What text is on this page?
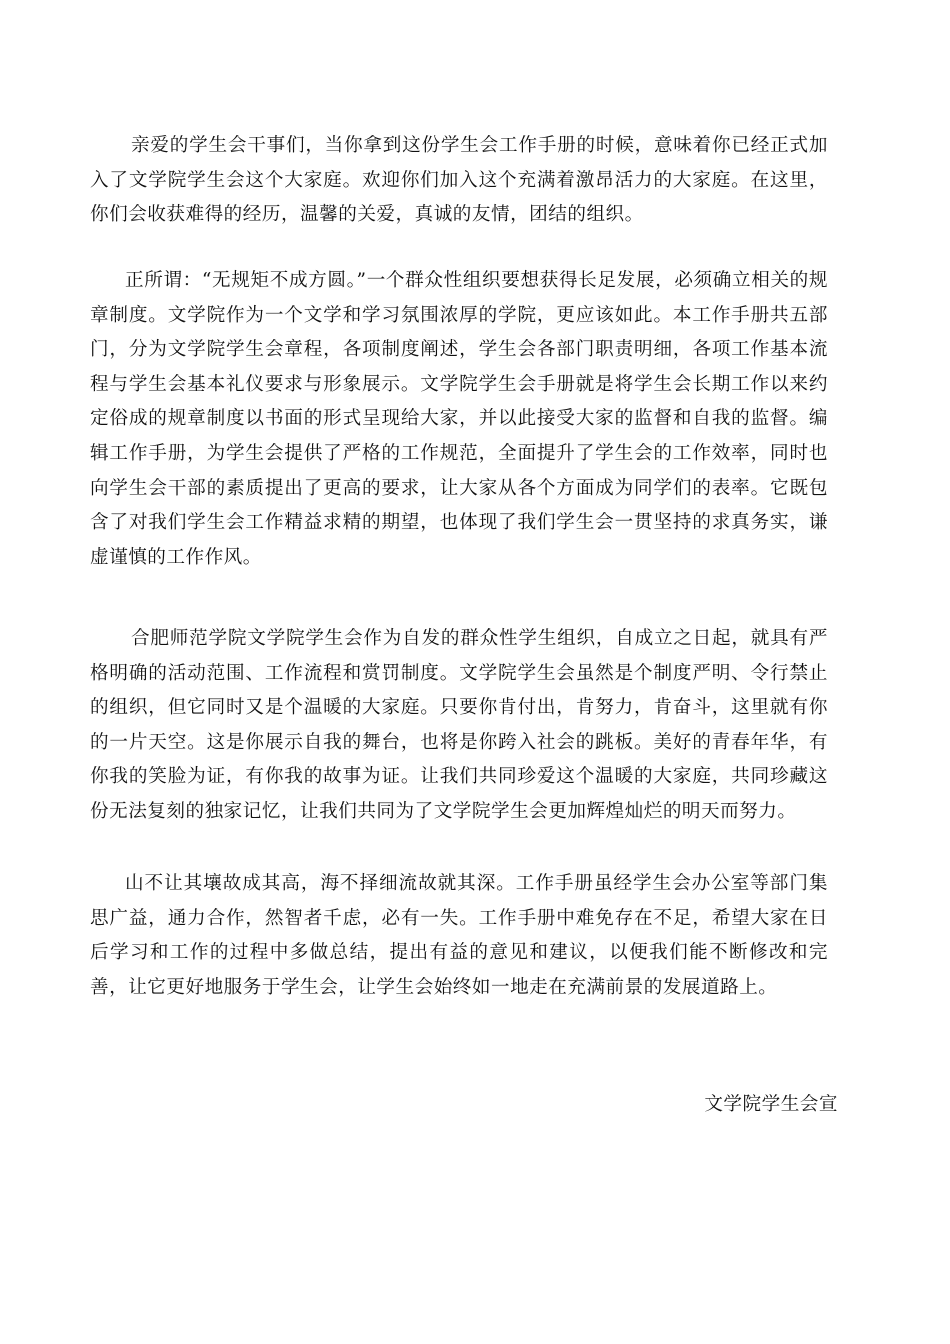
亲爱的学生会干事们，当你拿到这份学生会工作手册的时候，意味着你已经正式加入了文学院学生会这个大家庭。欢迎你们加入这个充满着激昂活力的大家庭。在这里，你们会收获难得的经历，温馨的关爱，真诚的友情，团结的组织。

正所谓：“无规矩不成方圆。”一个群众性组织要想获得长足发展，必须确立相关的规章制度。文学院作为一个文学和学习氛围浓厚的学院，更应该如此。本工作手册共五部门，分为文学院学生会章程，各项制度阐述，学生会各部门职责明细，各项工作基本流程与学生会基本礼仪要求与形象展示。文学院学生会手册就是将学生会长期工作以来约定俗成的规章制度以书面的形式呈现给大家，并以此接受大家的监督和自我的监督。编辑工作手册，为学生会提供了严格的工作规范，全面提升了学生会的工作效率，同时也向学生会干部的素质提出了更高的要求，让大家从各个方面成为同学们的表率。它既包含了对我们学生会工作精益求精的期望，也体现了我们学生会一贯坚持的求真务实，谦虚谨慎的工作作风。

合肥师范学院文学院学生会作为自发的群众性学生组织，自成立之日起，就具有严格明确的活动范围、工作流程和赏罚制度。文学院学生会虽然是个制度严明、令行禁止的组织，但它同时又是个温暖的大家庭。只要你肯付出，肯努力，肯奋斗，这里就有你的一片天空。这是你展示自我的舞台，也将是你跨入社会的跳板。美好的青春年华，有你我的笑脸为证，有你我的故事为证。让我们共同珍爱这个温暖的大家庭，共同珍藏这份无法复刻的独家记忆，让我们共同为了文学院学生会更加辉煌灿烂的明天而努力。

山不让其壤故成其高，海不择细流故就其深。工作手册虽经学生会办公室等部门集思广益，通力合作，然智者千虑，必有一失。工作手册中难免存在不足，希望大家在日后学习和工作的过程中多做总结，提出有益的意见和建议，以便我们能不断修改和完善，让它更好地服务于学生会，让学生会始终如一地走在充满前景的发展道路上。

文学院学生会宣
